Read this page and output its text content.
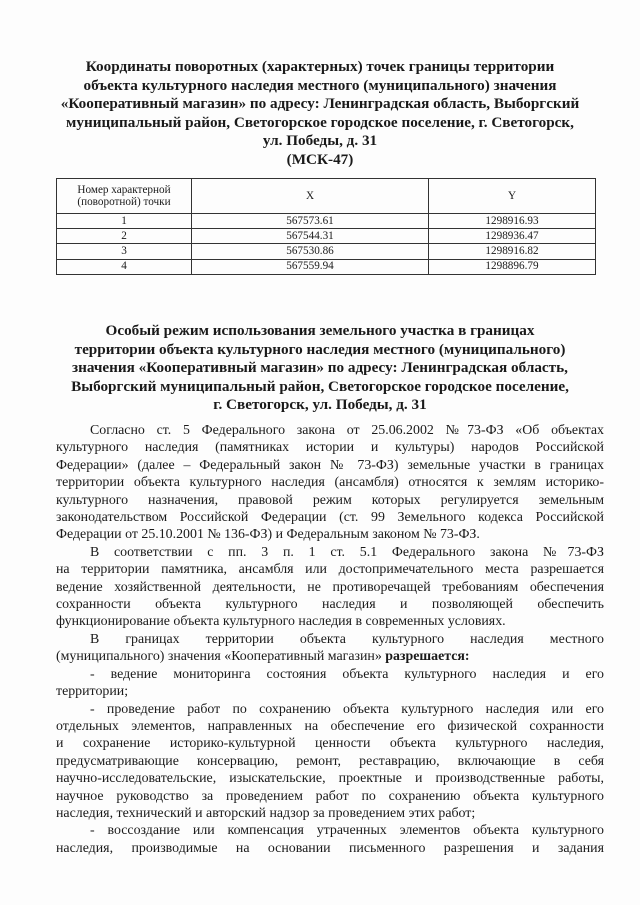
Координаты поворотных (характерных) точек границы территории
объекта культурного наследия местного (муниципального) значения
«Кооперативный магазин» по адресу: Ленинградская область, Выборгский
муниципальный район, Светогорское городское поселение, г. Светогорск,
ул. Победы, д. 31
(МСК-47)
Номер характерной
(поворотной) точки	X	Y
1	567573.61	1298916.93
2	567544.31	1298936.47
3	567530.86	1298916.82
4	567559.94	1298896.79
Особый режим использования земельного участка в границах
территории объекта культурного наследия местного (муниципального)
значения «Кооперативный магазин» по адресу: Ленинградская область,
Выборгский муниципальный район, Светогорское городское поселение,
г. Светогорск, ул. Победы, д. 31

Согласно ст. 5 Федерального закона от 25.06.2002 №73-ФЗ «Об объектах
культурного наследия (памятниках истории и культуры) народов Российской
Федерации» (далее – Федеральный закон № 73-ФЗ) земельные участки в границах
территории объекта культурного наследия (ансамбля) относятся к землям историко-
культурного назначения, правовой режим которых регулируется земельным
законодательством Российской Федерации (ст. 99 Земельного кодекса Российской
Федерации от 25.10.2001 № 136-ФЗ) и Федеральным законом № 73-ФЗ.

В соответствии с пп. 3 п. 1 ст. 5.1 Федерального закона №73-ФЗ
на территории памятника, ансамбля или достопримечательного места разрешается
ведение хозяйственной деятельности, не противоречащей требованиям обеспечения
сохранности объекта культурного наследия и позволяющей обеспечить
функционирование объекта культурного наследия в современных условиях.

В границах территории объекта культурного наследия местного
(муниципального) значения «Кооперативный магазин» разрешается:

- ведение мониторинга состояния объекта культурного наследия и его
территории;

- проведение работ по сохранению объекта культурного наследия или его
отдельных элементов, направленных на обеспечение его физической сохранности
и сохранение историко-культурной ценности объекта культурного наследия,
предусматривающие консервацию, ремонт, реставрацию, включающие в себя
научно-исследовательские, изыскательские, проектные и производственные работы,
научное руководство за проведением работ по сохранению объекта культурного
наследия, технический и авторский надзор за проведением этих работ;

- воссоздание или компенсация утраченных элементов объекта культурного
наследия, производимые на основании письменного разрешения и задания
